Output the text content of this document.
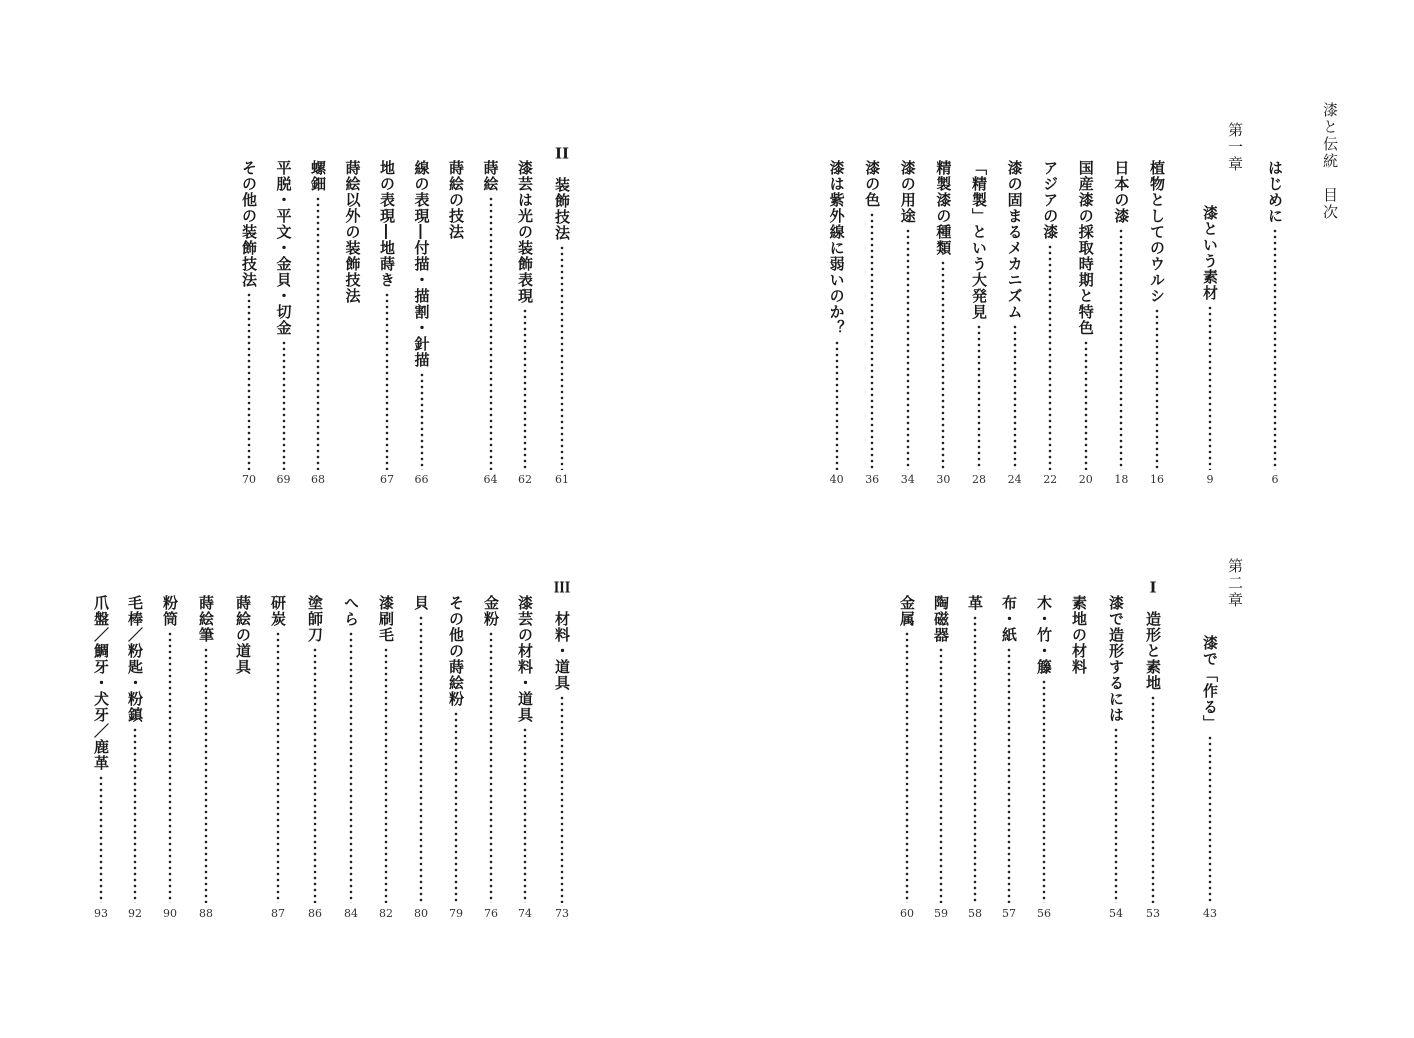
漆と伝統　目次
はじめに
6
第一章
漆という素材
9
植物としてのウルシ
16
日本の漆
18
国産漆の採取時期と特色
20
アジアの漆
22
漆の固まるメカニズム
24
「精製」という大発見
28
精製漆の種類
30
漆の用途
34
漆の色
36
漆は紫外線に弱いのか？
40
II　装飾技法
61
漆芸は光の装飾表現
62
蒔絵
64
蒔絵の技法
線の表現―付描・描割・針描
66
地の表現―地蒔き
67
蒔絵以外の装飾技法
螺鈿
68
平脱・平文・金貝・切金
69
その他の装飾技法
70
第二章
漆で「作る」
43
I　造形と素地
53
漆で造形するには
54
素地の材料
木・竹・籐
56
布・紙
57
革
58
陶磁器
59
金属
60
III　材料・道具
73
漆芸の材料・道具
74
金粉
76
その他の蒔絵粉
79
貝
80
漆刷毛
82
へら
84
塗師刀
86
研炭
87
蒔絵の道具
蒔絵筆
88
粉筒
90
毛棒／粉匙・粉鎮
92
爪盤／鯛牙・犬牙／鹿革
93
